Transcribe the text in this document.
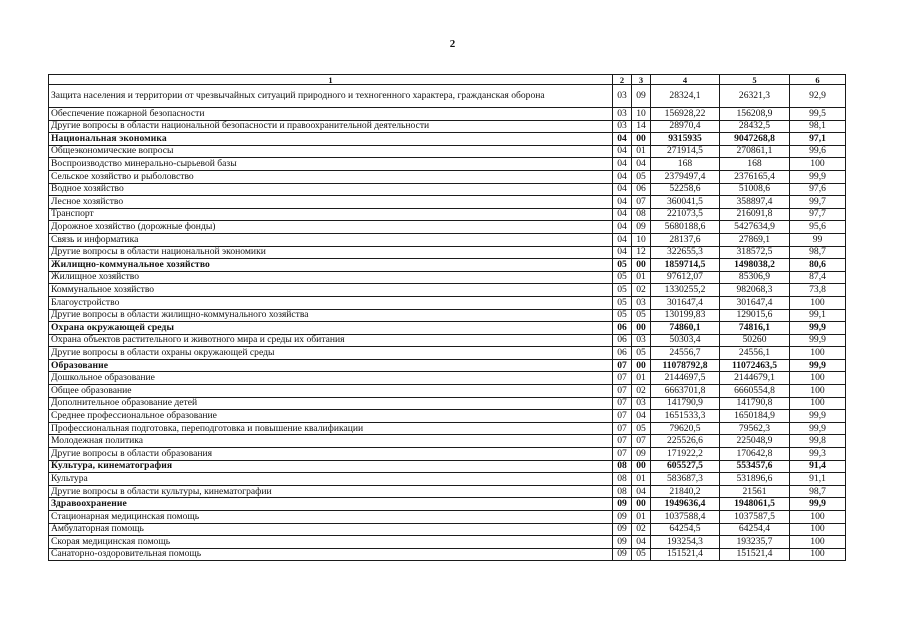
2
1	2	3	4	5	6
Защита населения и территории от чрезвычайных ситуаций природного и техногенного характера, гражданская оборона	03	09	28324,1	26321,3	92,9
Обеспечение пожарной безопасности	03	10	156928,22	156208,9	99,5
Другие вопросы в области национальной безопасности и правоохранительной деятельности	03	14	28970,4	28432,5	98,1
Национальная экономика	04	00	9315935	9047268,8	97,1
Общеэкономические вопросы	04	01	271914,5	270861,1	99,6
Воспроизводство минерально-сырьевой базы	04	04	168	168	100
Сельское хозяйство и рыболовство	04	05	2379497,4	2376165,4	99,9
Водное хозяйство	04	06	52258,6	51008,6	97,6
Лесное хозяйство	04	07	360041,5	358897,4	99,7
Транспорт	04	08	221073,5	216091,8	97,7
Дорожное хозяйство (дорожные фонды)	04	09	5680188,6	5427634,9	95,6
Связь и информатика	04	10	28137,6	27869,1	99
Другие вопросы в области национальной экономики	04	12	322655,3	318572,5	98,7
Жилищно-коммунальное хозяйство	05	00	1859714,5	1498038,2	80,6
Жилищное хозяйство	05	01	97612,07	85306,9	87,4
Коммунальное хозяйство	05	02	1330255,2	982068,3	73,8
Благоустройство	05	03	301647,4	301647,4	100
Другие вопросы в области жилищно-коммунального хозяйства	05	05	130199,83	129015,6	99,1
Охрана окружающей среды	06	00	74860,1	74816,1	99,9
Охрана объектов растительного и животного мира и среды их обитания	06	03	50303,4	50260	99,9
Другие вопросы в области охраны окружающей среды	06	05	24556,7	24556,1	100
Образование	07	00	11078792,8	11072463,5	99,9
Дошкольное образование	07	01	2144697,5	2144679,1	100
Общее образование	07	02	6663701,8	6660554,8	100
Дополнительное образование детей	07	03	141790,9	141790,8	100
Среднее профессиональное образование	07	04	1651533,3	1650184,9	99,9
Профессиональная подготовка, переподготовка и повышение квалификации	07	05	79620,5	79562,3	99,9
Молодежная политика	07	07	225526,6	225048,9	99,8
Другие вопросы в области образования	07	09	171922,2	170642,8	99,3
Культура, кинематография	08	00	605527,5	553457,6	91,4
Культура	08	01	583687,3	531896,6	91,1
Другие вопросы в области культуры, кинематографии	08	04	21840,2	21561	98,7
Здравоохранение	09	00	1949636,4	1948061,5	99,9
Стационарная медицинская помощь	09	01	1037588,4	1037587,5	100
Амбулаторная помощь	09	02	64254,5	64254,4	100
Скорая медицинская помощь	09	04	193254,3	193235,7	100
Санаторно-оздоровительная помощь	09	05	151521,4	151521,4	100
